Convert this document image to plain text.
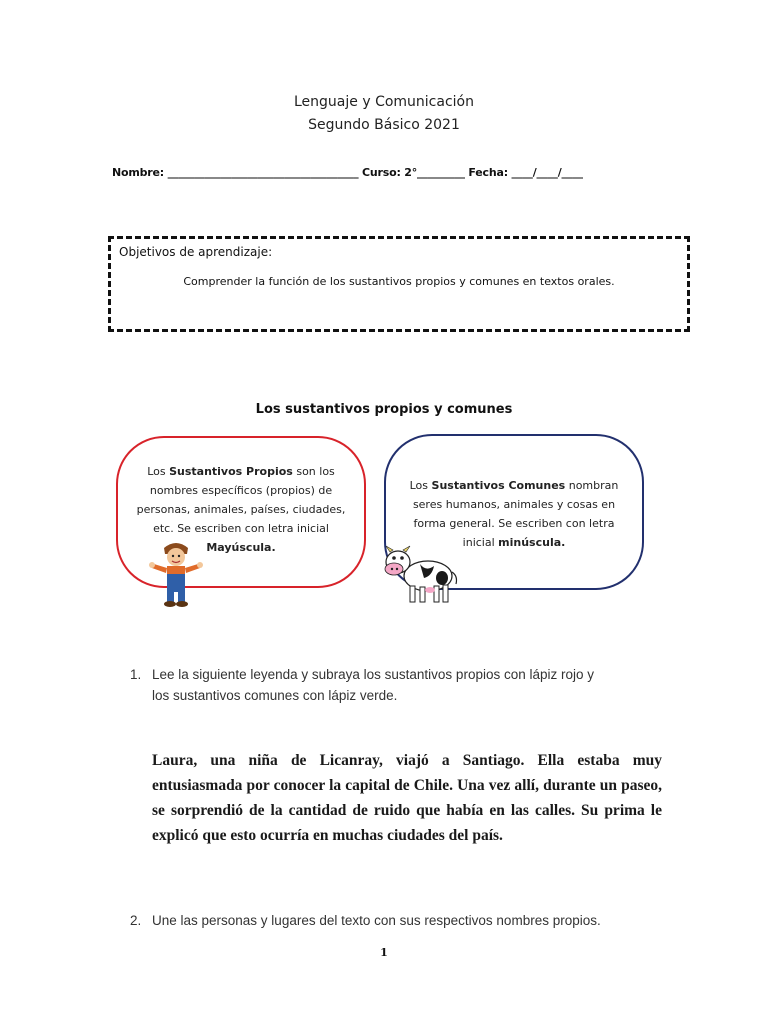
Lenguaje y Comunicación
Segundo Básico 2021
Nombre: ____________________________________ Curso: 2°_________ Fecha: ____/____/____
Objetivos de aprendizaje:
Comprender la función de los sustantivos propios y comunes en textos orales.
Los sustantivos propios y comunes
Los Sustantivos Propios son los
nombres específicos (propios) de
personas, animales, países, ciudades,
etc. Se escriben con letra inicial
Mayúscula.
Los Sustantivos Comunes nombran
seres humanos, animales y cosas en
forma general. Se escriben con letra
inicial minúscula.
1. Lee la siguiente leyenda y subraya los sustantivos propios con lápiz rojo y
los sustantivos comunes con lápiz verde.
Laura, una niña de Licanray, viajó a Santiago. Ella estaba muy entusiasmada por conocer la capital de Chile. Una vez allí, durante un paseo, se sorprendió de la cantidad de ruido que había en las calles. Su prima le explicó que esto ocurría en muchas ciudades del país.
2. Une las personas y lugares del texto con sus respectivos nombres propios.
1
